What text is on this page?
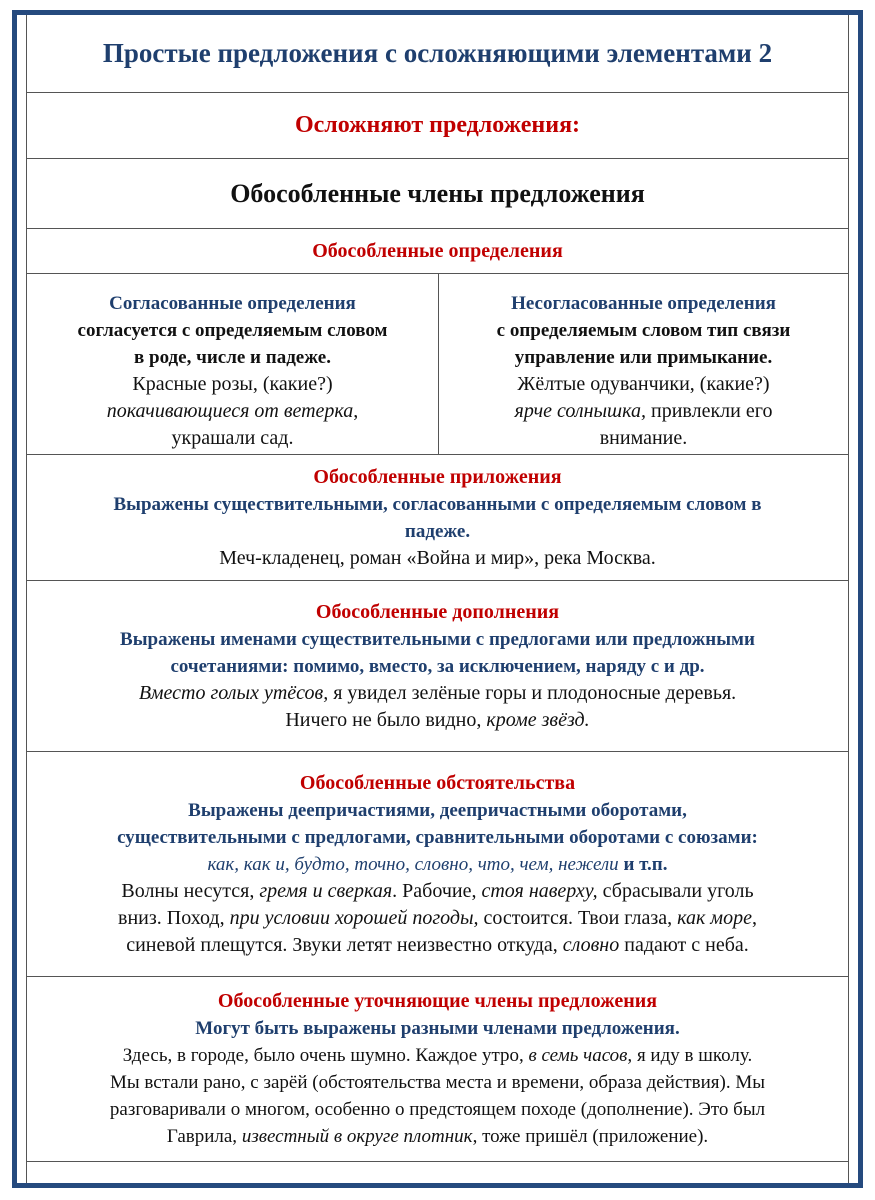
Простые предложения с осложняющими элементами 2
Осложняют предложения:
Обособленные члены предложения
Обособленные определения
Согласованные определения
согласуется с определяемым словом
в роде, числе и падеже.
Красные розы, (какие?)
покачивающиеся от ветерка,
украшали сад.
Несогласованные определения
с определяемым словом тип связи
управление или примыкание.
Жёлтые одуванчики, (какие?)
ярче солнышка, привлекли его
внимание.
Обособленные приложения
Выражены существительными, согласованными с определяемым словом в
падеже.
Меч-кладенец, роман «Война и мир», река Москва.
Обособленные дополнения
Выражены именами существительными с предлогами или предложными
сочетаниями: помимо, вместо, за исключением, наряду с и др.
Вместо голых утёсов, я увидел зелёные горы и плодоносные деревья.
Ничего не было видно, кроме звёзд.
Обособленные обстоятельства
Выражены деепричастиями, деепричастными оборотами,
существительными с предлогами, сравнительными оборотами с союзами:
как, как и, будто, точно, словно, что, чем, нежели и т.п.
Волны несутся, гремя и сверкая. Рабочие, стоя наверху, сбрасывали уголь
вниз. Поход, при условии хорошей погоды, состоится. Твои глаза, как море,
синевой плещутся. Звуки летят неизвестно откуда, словно падают с неба.
Обособленные уточняющие члены предложения
Могут быть выражены разными членами предложения.
Здесь, в городе, было очень шумно. Каждое утро, в семь часов, я иду в школу.
Мы встали рано, с зарёй (обстоятельства места и времени, образа действия). Мы
разговаривали о многом, особенно о предстоящем походе (дополнение). Это был
Гаврила, известный в округе плотник, тоже пришёл (приложение).
